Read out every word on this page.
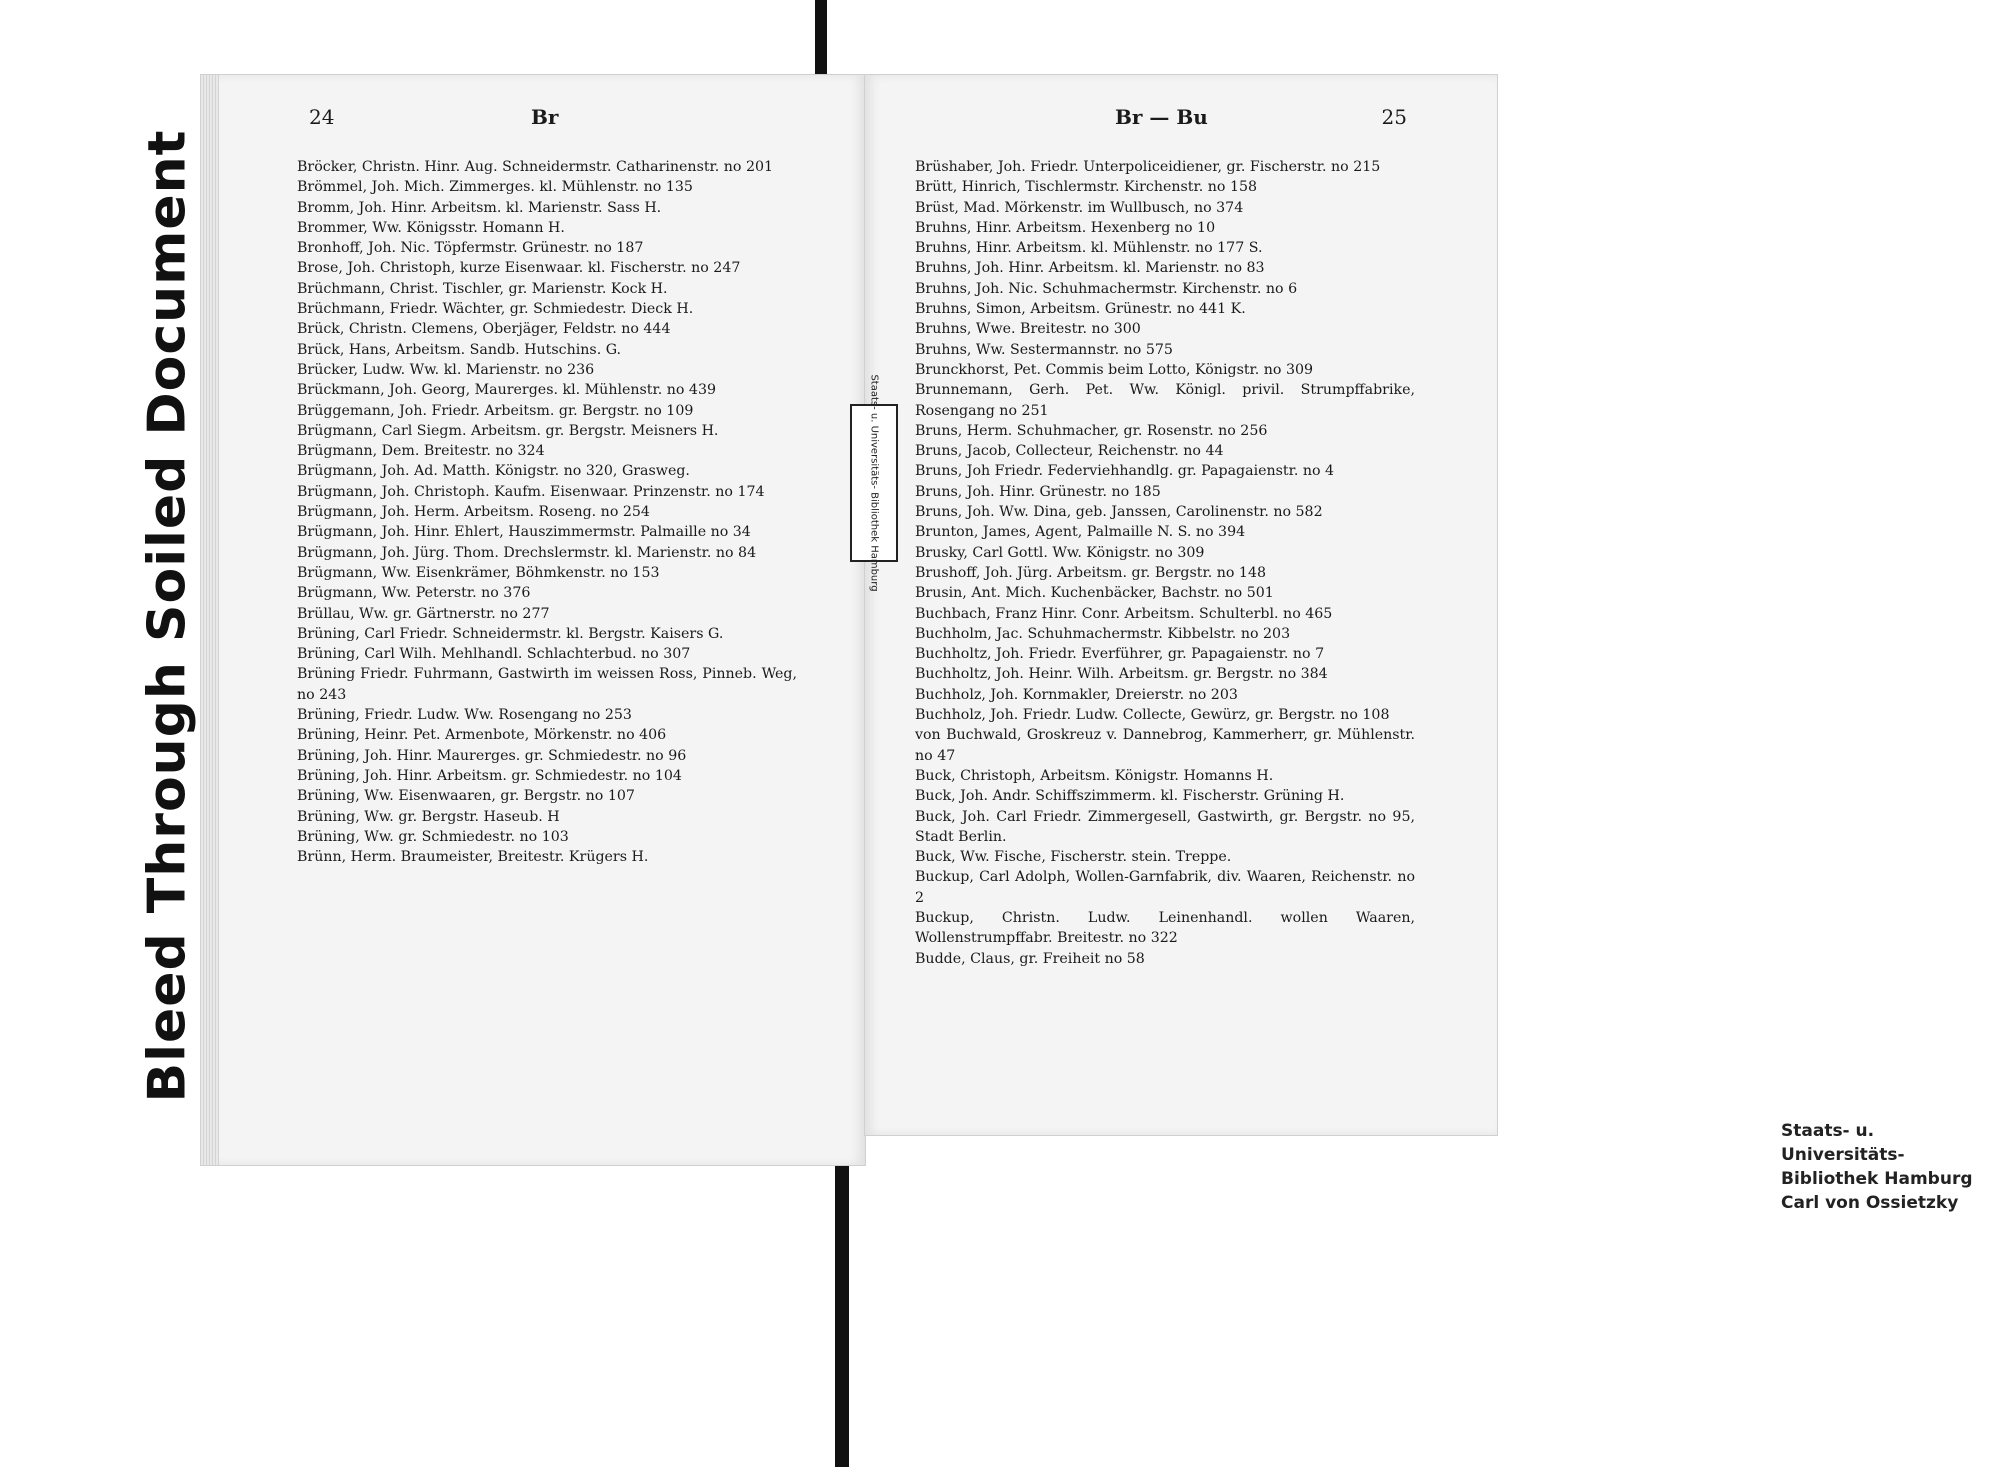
Bleed Through Soiled Document
24	Br

Bröcker, Christn. Hinr. Aug. Schneidermstr. Catharinenstr. no 201

Brömmel, Joh. Mich. Zimmerges. kl. Mühlenstr. no 135

Bromm, Joh. Hinr. Arbeitsm. kl. Marienstr. Sass H.

Brommer, Ww. Königsstr. Homann H.

Bronhoff, Joh. Nic. Töpfermstr. Grünestr. no 187

Brose, Joh. Christoph, kurze Eisenwaar. kl. Fischerstr. no 247

Brüchmann, Christ. Tischler, gr. Marienstr. Kock H.

Brüchmann, Friedr. Wächter, gr. Schmiedestr. Dieck H.

Brück, Christn. Clemens, Oberjäger, Feldstr. no 444

Brück, Hans, Arbeitsm. Sandb. Hutschins. G.

Brücker, Ludw. Ww. kl. Marienstr. no 236

Brückmann, Joh. Georg, Maurerges. kl. Mühlenstr. no 439

Brüggemann, Joh. Friedr. Arbeitsm. gr. Bergstr. no 109

Brügmann, Carl Siegm. Arbeitsm. gr. Bergstr. Meisners H.

Brügmann, Dem. Breitestr. no 324

Brügmann, Joh. Ad. Matth. Königstr. no 320, Grasweg.

Brügmann, Joh. Christoph. Kaufm. Eisenwaar. Prinzenstr. no 174

Brügmann, Joh. Herm. Arbeitsm. Roseng. no 254

Brügmann, Joh. Hinr. Ehlert, Hauszimmermstr. Palmaille no 34

Brügmann, Joh. Jürg. Thom. Drechslermstr. kl. Marienstr. no 84

Brügmann, Ww. Eisenkrämer, Böhmkenstr. no 153

Brügmann, Ww. Peterstr. no 376

Brüllau, Ww. gr. Gärtnerstr. no 277

Brüning, Carl Friedr. Schneidermstr. kl. Bergstr. Kaisers G.

Brüning, Carl Wilh. Mehlhandl. Schlachterbud. no 307

Brüning Friedr. Fuhrmann, Gastwirth im weissen Ross, Pinneb. Weg, no 243

Brüning, Friedr. Ludw. Ww. Rosengang no 253

Brüning, Heinr. Pet. Armenbote, Mörkenstr. no 406

Brüning, Joh. Hinr. Maurerges. gr. Schmiedestr. no 96

Brüning, Joh. Hinr. Arbeitsm. gr. Schmiedestr. no 104

Brüning, Ww. Eisenwaaren, gr. Bergstr. no 107

Brüning, Ww. gr. Bergstr. Haseub. H

Brüning, Ww. gr. Schmiedestr. no 103

Brünn, Herm. Braumeister, Breitestr. Krügers H.

Br — Bu	25

Brüshaber, Joh. Friedr. Unterpoliceidiener, gr. Fischerstr. no 215

Brütt, Hinrich, Tischlermstr. Kirchenstr. no 158

Brüst, Mad. Mörkenstr. im Wullbusch, no 374

Bruhns, Hinr. Arbeitsm. Hexenberg no 10

Bruhns, Hinr. Arbeitsm. kl. Mühlenstr. no 177 S.

Bruhns, Joh. Hinr. Arbeitsm. kl. Marienstr. no 83

Bruhns, Joh. Nic. Schuhmachermstr. Kirchenstr. no 6

Bruhns, Simon, Arbeitsm. Grünestr. no 441 K.

Bruhns, Wwe. Breitestr. no 300

Bruhns, Ww. Sestermannstr. no 575

Brunckhorst, Pet. Commis beim Lotto, Königstr. no 309

Brunnemann, Gerh. Pet. Ww. Königl. privil. Strumpffabrike, Rosengang no 251

Bruns, Herm. Schuhmacher, gr. Rosenstr. no 256

Bruns, Jacob, Collecteur, Reichenstr. no 44

Bruns, Joh Friedr. Federviehhandlg. gr. Papagaienstr. no 4

Bruns, Joh. Hinr. Grünestr. no 185

Bruns, Joh. Ww. Dina, geb. Janssen, Carolinenstr. no 582

Brunton, James, Agent, Palmaille N. S. no 394

Brusky, Carl Gottl. Ww. Königstr. no 309

Brushoff, Joh. Jürg. Arbeitsm. gr. Bergstr. no 148

Brusin, Ant. Mich. Kuchenbäcker, Bachstr. no 501

Buchbach, Franz Hinr. Conr. Arbeitsm. Schulterbl. no 465

Buchholm, Jac. Schuhmachermstr. Kibbelstr. no 203

Buchholtz, Joh. Friedr. Everführer, gr. Papagaienstr. no 7

Buchholtz, Joh. Heinr. Wilh. Arbeitsm. gr. Bergstr. no 384

Buchholz, Joh. Kornmakler, Dreierstr. no 203

Buchholz, Joh. Friedr. Ludw. Collecte, Gewürz, gr. Bergstr. no 108

von Buchwald, Groskreuz v. Dannebrog, Kammerherr, gr. Mühlenstr. no 47

Buck, Christoph, Arbeitsm. Königstr. Homanns H.

Buck, Joh. Andr. Schiffszimmerm. kl. Fischerstr. Grüning H.

Buck, Joh. Carl Friedr. Zimmergesell, Gastwirth, gr. Bergstr. no 95, Stadt Berlin.

Buck, Ww. Fische, Fischerstr. stein. Treppe.

Buckup, Carl Adolph, Wollen-Garnfabrik, div. Waaren, Reichenstr. no 2

Buckup, Christn. Ludw. Leinenhandl. wollen Waaren, Wollenstrumpffabr. Breitestr. no 322

Budde, Claus, gr. Freiheit no 58

Staats- u. Universitäts-
Bibliothek Hamburg
Carl von Ossietzky
Staats- u. Universitäts- Bibliothek Hamburg
